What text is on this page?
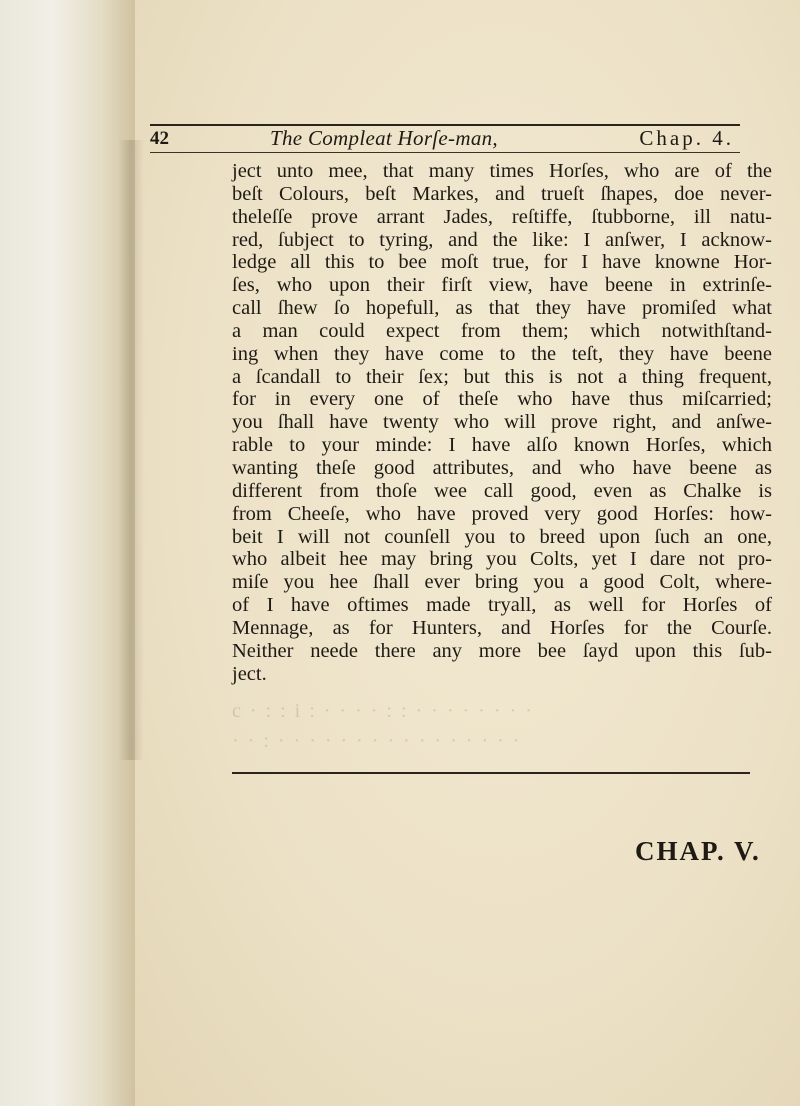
42	The Compleat Horſe-man,	Chap. 4.

ject unto mee, that many times Horſes, who are of the
beſt Colours, beſt Markes, and trueſt ſhapes, doe never-
theleſſe prove arrant Jades, reſtiffe, ſtubborne, ill natu-
red, ſubject to tyring, and the like: I anſwer, I acknow-
ledge all this to bee moſt true, for I have knowne Hor-
ſes, who upon their firſt view, have beene in extrinſe-
call ſhew ſo hopefull, as that they have promiſed what
a man could expect from them; which notwithſtand-
ing when they have come to the teſt, they have beene
a ſcandall to their ſex; but this is not a thing frequent,
for in every one of theſe who have thus miſcarried;
you ſhall have twenty who will prove right, and anſwe-
rable to your minde: I have alſo known Horſes, which
wanting theſe good attributes, and who have beene as
different from thoſe wee call good, even as Chalke is
from Cheeſe, who have proved very good Horſes: how-
beit I will not counſell you to breed upon ſuch an one,
who albeit hee may bring you Colts, yet I dare not pro-
miſe you hee ſhall ever bring you a good Colt, where-
of I have oftimes made tryall, as well for Horſes of
Mennage, as for Hunters, and Horſes for the Courſe.
Neither neede there any more bee ſayd upon this ſub-
ject.

c · : : i : · · · · : : · · · · · · · ·
· · : · · · · · · · · · · · · · · · ·
CHAP. V.
